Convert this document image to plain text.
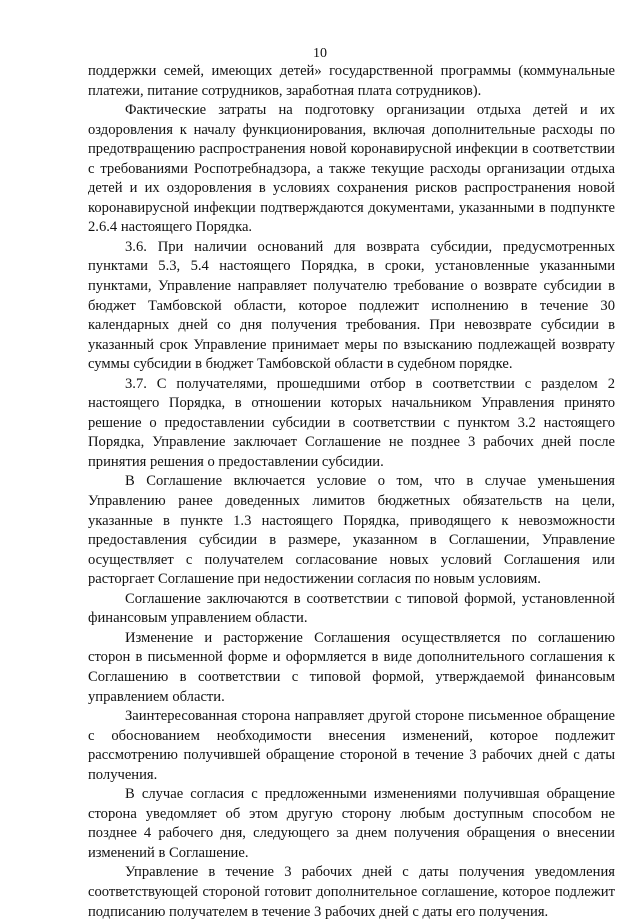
10

поддержки семей, имеющих детей» государственной программы (коммунальные платежи, питание сотрудников, заработная плата сотрудников).

Фактические затраты на подготовку организации отдыха детей и их оздоровления к началу функционирования, включая дополнительные расходы по предотвращению распространения новой коронавирусной инфекции в соответствии с требованиями Роспотребнадзора, а также текущие расходы организации отдыха детей и их оздоровления в условиях сохранения рисков распространения новой коронавирусной инфекции подтверждаются документами, указанными в подпункте 2.6.4 настоящего Порядка.

3.6. При наличии оснований для возврата субсидии, предусмотренных пунктами 5.3, 5.4 настоящего Порядка, в сроки, установленные указанными пунктами, Управление направляет получателю требование о возврате субсидии в бюджет Тамбовской области, которое подлежит исполнению в течение 30 календарных дней со дня получения требования. При невозврате субсидии в указанный срок Управление принимает меры по взысканию подлежащей возврату суммы субсидии в бюджет Тамбовской области в судебном порядке.

3.7. С получателями, прошедшими отбор в соответствии с разделом 2 настоящего Порядка, в отношении которых начальником Управления принято решение о предоставлении субсидии в соответствии с пунктом 3.2 настоящего Порядка, Управление заключает Соглашение не позднее 3 рабочих дней после принятия решения о предоставлении субсидии.

В Соглашение включается условие о том, что в случае уменьшения Управлению ранее доведенных лимитов бюджетных обязательств на цели, указанные в пункте 1.3 настоящего Порядка, приводящего к невозможности предоставления субсидии в размере, указанном в Соглашении, Управление осуществляет с получателем согласование новых условий Соглашения или расторгает Соглашение при недостижении согласия по новым условиям.

Соглашение заключаются в соответствии с типовой формой, установленной финансовым управлением области.

Изменение и расторжение Соглашения осуществляется по соглашению сторон в письменной форме и оформляется в виде дополнительного соглашения к Соглашению в соответствии с типовой формой, утверждаемой финансовым управлением области.

Заинтересованная сторона направляет другой стороне письменное обращение с обоснованием необходимости внесения изменений, которое подлежит рассмотрению получившей обращение стороной в течение 3 рабочих дней с даты получения.

В случае согласия с предложенными изменениями получившая обращение сторона уведомляет об этом другую сторону любым доступным способом не позднее 4 рабочего дня, следующего за днем получения обращения о внесении изменений в Соглашение.

Управление в течение 3 рабочих дней с даты получения уведомления соответствующей стороной готовит дополнительное соглашение, которое подлежит подписанию получателем в течение 3 рабочих дней с даты его получения.
